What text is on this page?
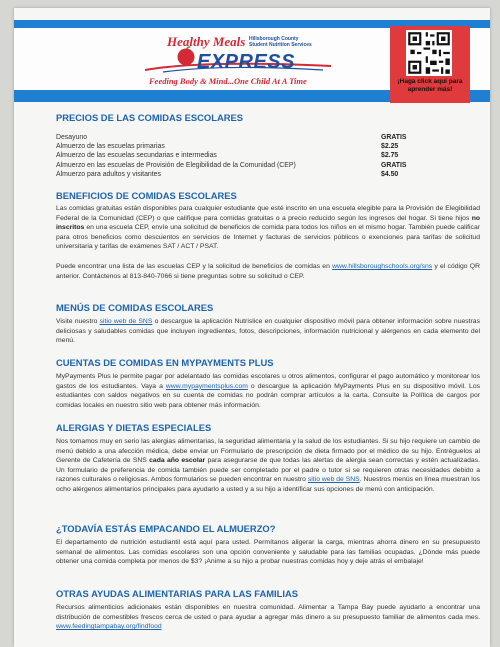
Healthy Meals Hillsborough County
Student Nutrition Services
EXPRESS
Feeding Body & Mind...One Child At A Time	¡Haga click aquí para aprender más!
PRECIOS DE LAS COMIDAS ESCOLARES
Desayuno	GRATIS
Almuerzo de las escuelas primarias	$2.25
Almuerzo de las escuelas secundarias e intermedias	$2.75
Almuerzo en las escuelas de Provisión de Elegibilidad de la Comunidad (CEP)	GRATIS
Almuerzo para adultos y visitantes	$4.50
BENEFICIOS DE COMIDAS ESCOLARES

Las comidas gratuitas están disponibles para cualquier estudiante que esté inscrito en una escuela elegible para la Provisión de Elegibilidad Federal de la Comunidad (CEP) o que califique para comidas gratuitas o a precio reducido según los ingresos del hogar. Si tiene hijos no inscritos en una escuela CEP, envíe una solicitud de beneficios de comida para todos los niños en el mismo hogar. También puede calificar para otros beneficios como descuentos en servicios de Internet y facturas de servicios públicos o exenciones para tarifas de solicitud universitaria y tarifas de exámenes SAT / ACT / PSAT.

Puede encontrar una lista de las escuelas CEP y la solicitud de beneficios de comidas en www.hillsboroughschools.org/sns y el código QR anterior. Contáctenos al 813-840-7066 si tiene preguntas sobre su solicitud o CEP.

MENÚS DE COMIDAS ESCOLARES

Visite nuestro sitio web de SNS o descargue la aplicación Nutrislice en cualquier dispositivo móvil para obtener información sobre nuestras deliciosas y saludables comidas que incluyen ingredientes, fotos, descripciones, información nutricional y alérgenos en cada elemento del menú.

CUENTAS DE COMIDAS EN MYPAYMENTS PLUS

MyPayments Plus le permite pagar por adelantado las comidas escolares u otros alimentos, configurar el pago automático y monitorear los gastos de los estudiantes. Vaya a www.mypaymentsplus.com o descargue la aplicación MyPayments Plus en su dispositivo móvil. Los estudiantes con saldos negativos en su cuenta de comidas no podrán comprar artículos a la carta. Consulte la Política de cargos por comidas locales en nuestro sitio web para obtener más información.

ALERGIAS Y DIETAS ESPECIALES

Nos tomamos muy en serio las alergias alimentarias, la seguridad alimentaria y la salud de los estudiantes. Si su hijo requiere un cambio de menú debido a una afección médica, debe enviar un Formulario de prescripción de dieta firmado por el médico de su hijo. Entréguelos al Gerente de Cafetería de SNS cada año escolar para asegurarse de que todas las alertas de alergia sean correctas y estén actualizadas. Un formulario de preferencia de comida también puede ser completado por el padre o tutor si se requieren otras necesidades debido a razones culturales o religiosas. Ambos formularios se pueden encontrar en nuestro sitio web de SNS. Nuestros menús en línea muestran los ocho alérgenos alimentarios principales para ayudarlo a usted y a su hijo a identificar sus opciones de menú con anticipación.

¿TODAVÍA ESTÁS EMPACANDO EL ALMUERZO?

El departamento de nutrición estudiantil está aquí para usted. Permítanos aligerar la carga, mientras ahorra dinero en su presupuesto semanal de alimentos. Las comidas escolares son una opción conveniente y saludable para las familias ocupadas. ¿Dónde más puede obtener una comida completa por menos de $3? ¡Anime a su hijo a probar nuestras comidas hoy y deje atrás el embalaje!

OTRAS AYUDAS ALIMENTARIAS PARA LAS FAMILIAS

Recursos alimenticios adicionales están disponibles en nuestra comunidad. Alimentar a Tampa Bay puede ayudarlo a encontrar una distribución de comestibles frescos cerca de usted o para ayudar a agregar más dinero a su presupuesto familiar de alimentos cada mes. www.feedingtampabay.org/findfood
